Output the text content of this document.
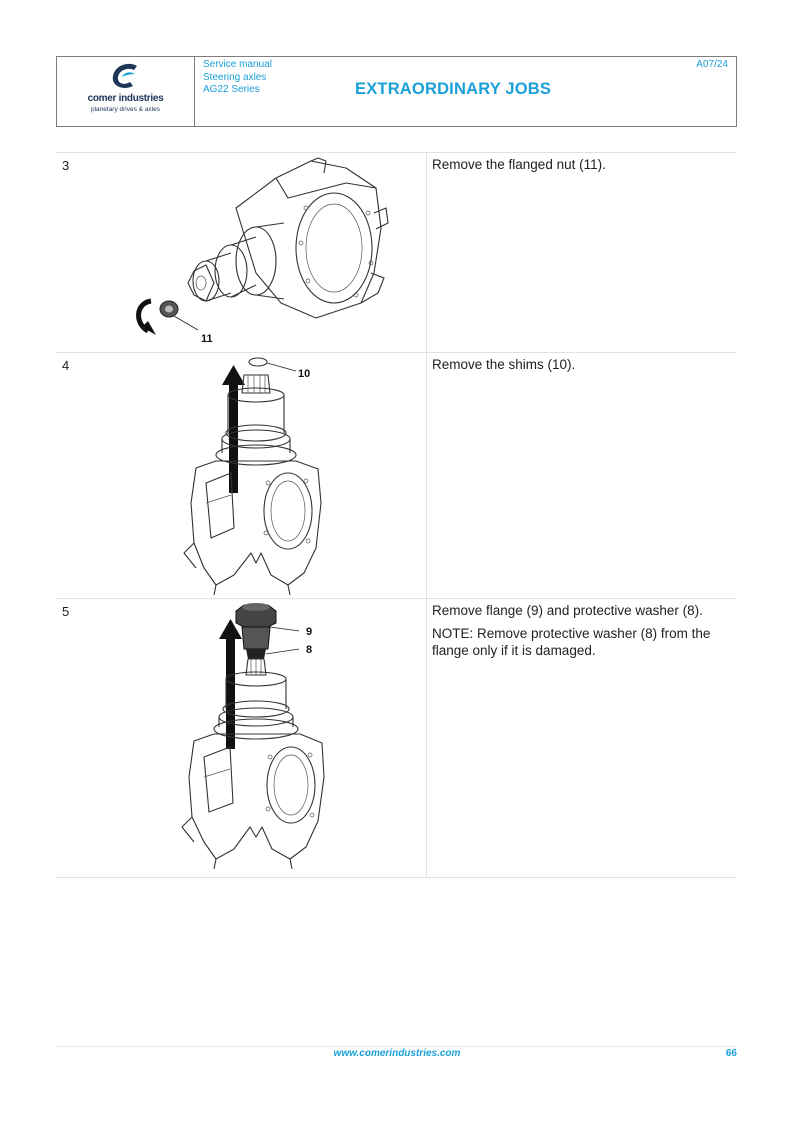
comer industries
planetary drives & axles
Service manual
Steering axles
AG22 Series	EXTRAORDINARY JOBS
A07/24
3
11

Remove the flanged nut (11).

4
10

Remove the shims (10).

5
9
8

Remove flange (9) and protective washer (8).

NOTE: Remove protective washer (8) from the flange only if it is damaged.

www.comerindustries.com	66
